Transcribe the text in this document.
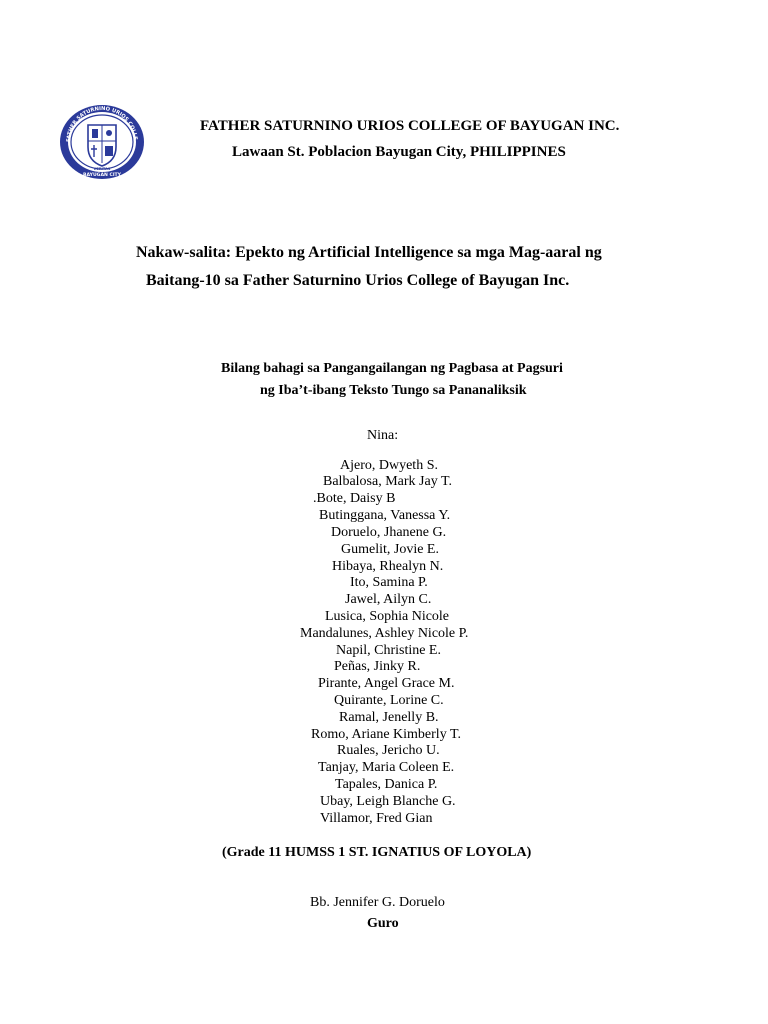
FATHER SATURNINO URIOS COLLE
BAYUGAN CITY
VERITAS
FATHER SATURNINO URIOS COLLEGE OF BAYUGAN INC.
Lawaan St. Poblacion Bayugan City, PHILIPPINES
Nakaw-salita: Epekto ng Artificial Intelligence sa mga Mag-aaral ng
Baitang-10 sa Father Saturnino Urios College of Bayugan Inc.
Bilang bahagi sa Pangangailangan ng Pagbasa at Pagsuri
ng Iba’t-ibang Teksto Tungo sa Pananaliksik
Nina:
Ajero, Dwyeth S.
Balbalosa, Mark Jay T.
.Bote, Daisy B
Butinggana, Vanessa Y.
Doruelo, Jhanene G.
Gumelit, Jovie E.
Hibaya, Rhealyn N.
Ito, Samina P.
Jawel, Ailyn C.
Lusica, Sophia Nicole
Mandalunes, Ashley Nicole P.
Napil, Christine E.
Peñas, Jinky R.
Pirante, Angel Grace M.
Quirante, Lorine C.
Ramal, Jenelly B.
Romo, Ariane Kimberly T.
Ruales, Jericho U.
Tanjay, Maria Coleen E.
Tapales, Danica P.
Ubay, Leigh Blanche G.
Villamor, Fred Gian
(Grade 11 HUMSS 1 ST. IGNATIUS OF LOYOLA)
Bb. Jennifer G. Doruelo
Guro
